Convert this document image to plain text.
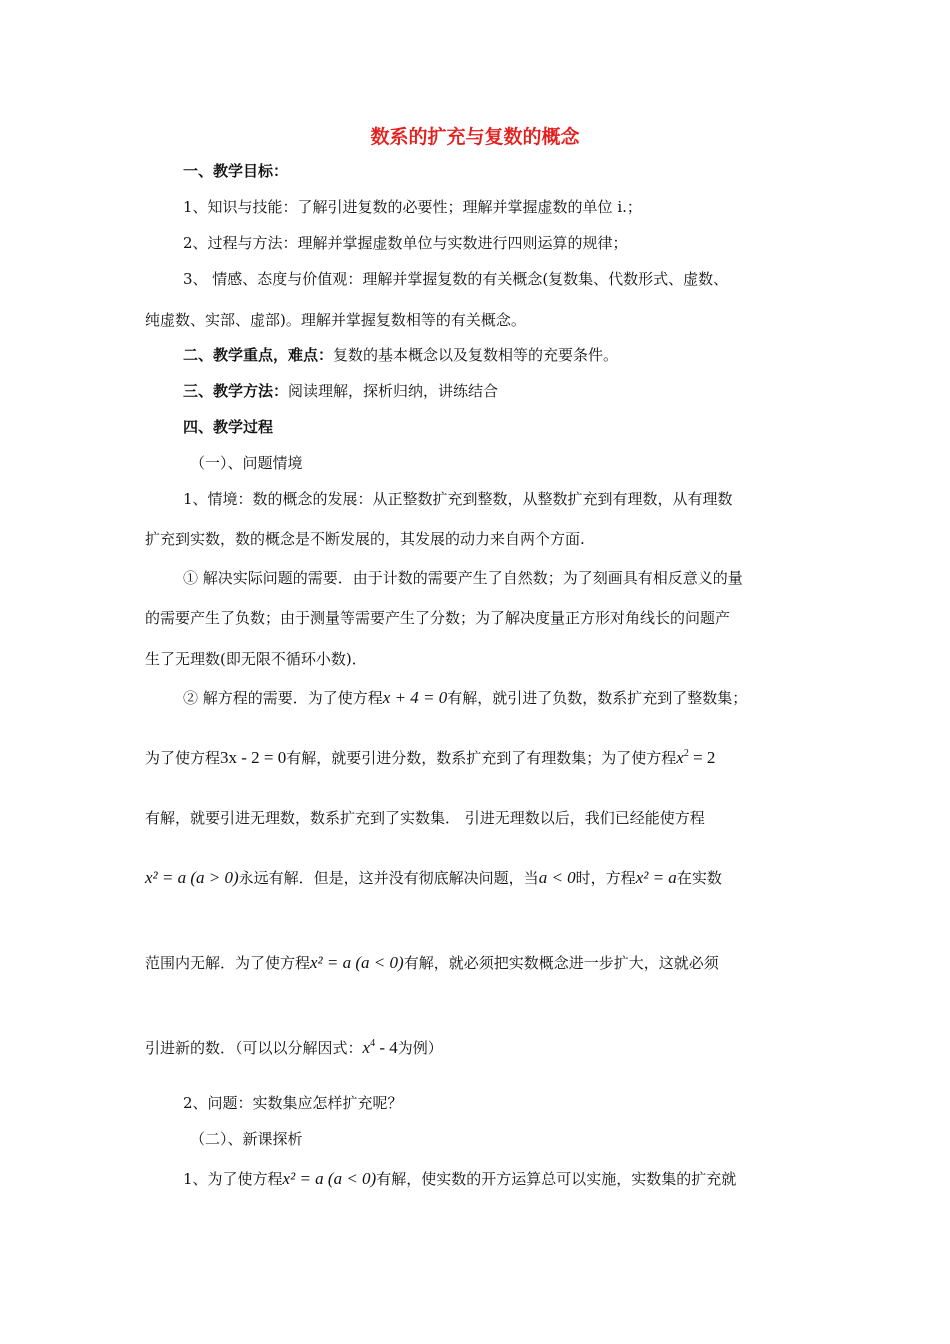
数系的扩充与复数的概念
一、教学目标：
1、知识与技能：了解引进复数的必要性；理解并掌握虚数的单位 i.；
2、过程与方法：理解并掌握虚数单位与实数进行四则运算的规律；
3、 情感、态度与价值观：理解并掌握复数的有关概念(复数集、代数形式、虚数、
纯虚数、实部、虚部)。理解并掌握复数相等的有关概念。
二、教学重点，难点：复数的基本概念以及复数相等的充要条件。
三、教学方法：阅读理解，探析归纳，讲练结合
四、教学过程
（一）、问题情境
1、情境：数的概念的发展：从正整数扩充到整数，从整数扩充到有理数，从有理数
扩充到实数，数的概念是不断发展的，其发展的动力来自两个方面.
① 解决实际问题的需要．由于计数的需要产生了自然数；为了刻画具有相反意义的量
的需要产生了负数；由于测量等需要产生了分数；为了解决度量正方形对角线长的问题产
生了无理数(即无限不循环小数)．
② 解方程的需要．为了使方程x + 4 = 0有解，就引进了负数，数系扩充到了整数集；
为了使方程3x - 2 = 0有解，就要引进分数，数系扩充到了有理数集；为了使方程$x^2 = 2$
有解，就要引进无理数，数系扩充到了实数集． 引进无理数以后，我们已经能使方程
x² = a (a > 0)永远有解．但是，这并没有彻底解决问题，当a < 0时，方程x² = a在实数
范围内无解．为了使方程x² = a (a < 0)有解，就必须把实数概念进一步扩大，这就必须
引进新的数．（可以以分解因式：$x^4 - 4$为例）
2、问题：实数集应怎样扩充呢？
（二）、新课探析
1、为了使方程x² = a (a < 0)有解，使实数的开方运算总可以实施，实数集的扩充就
